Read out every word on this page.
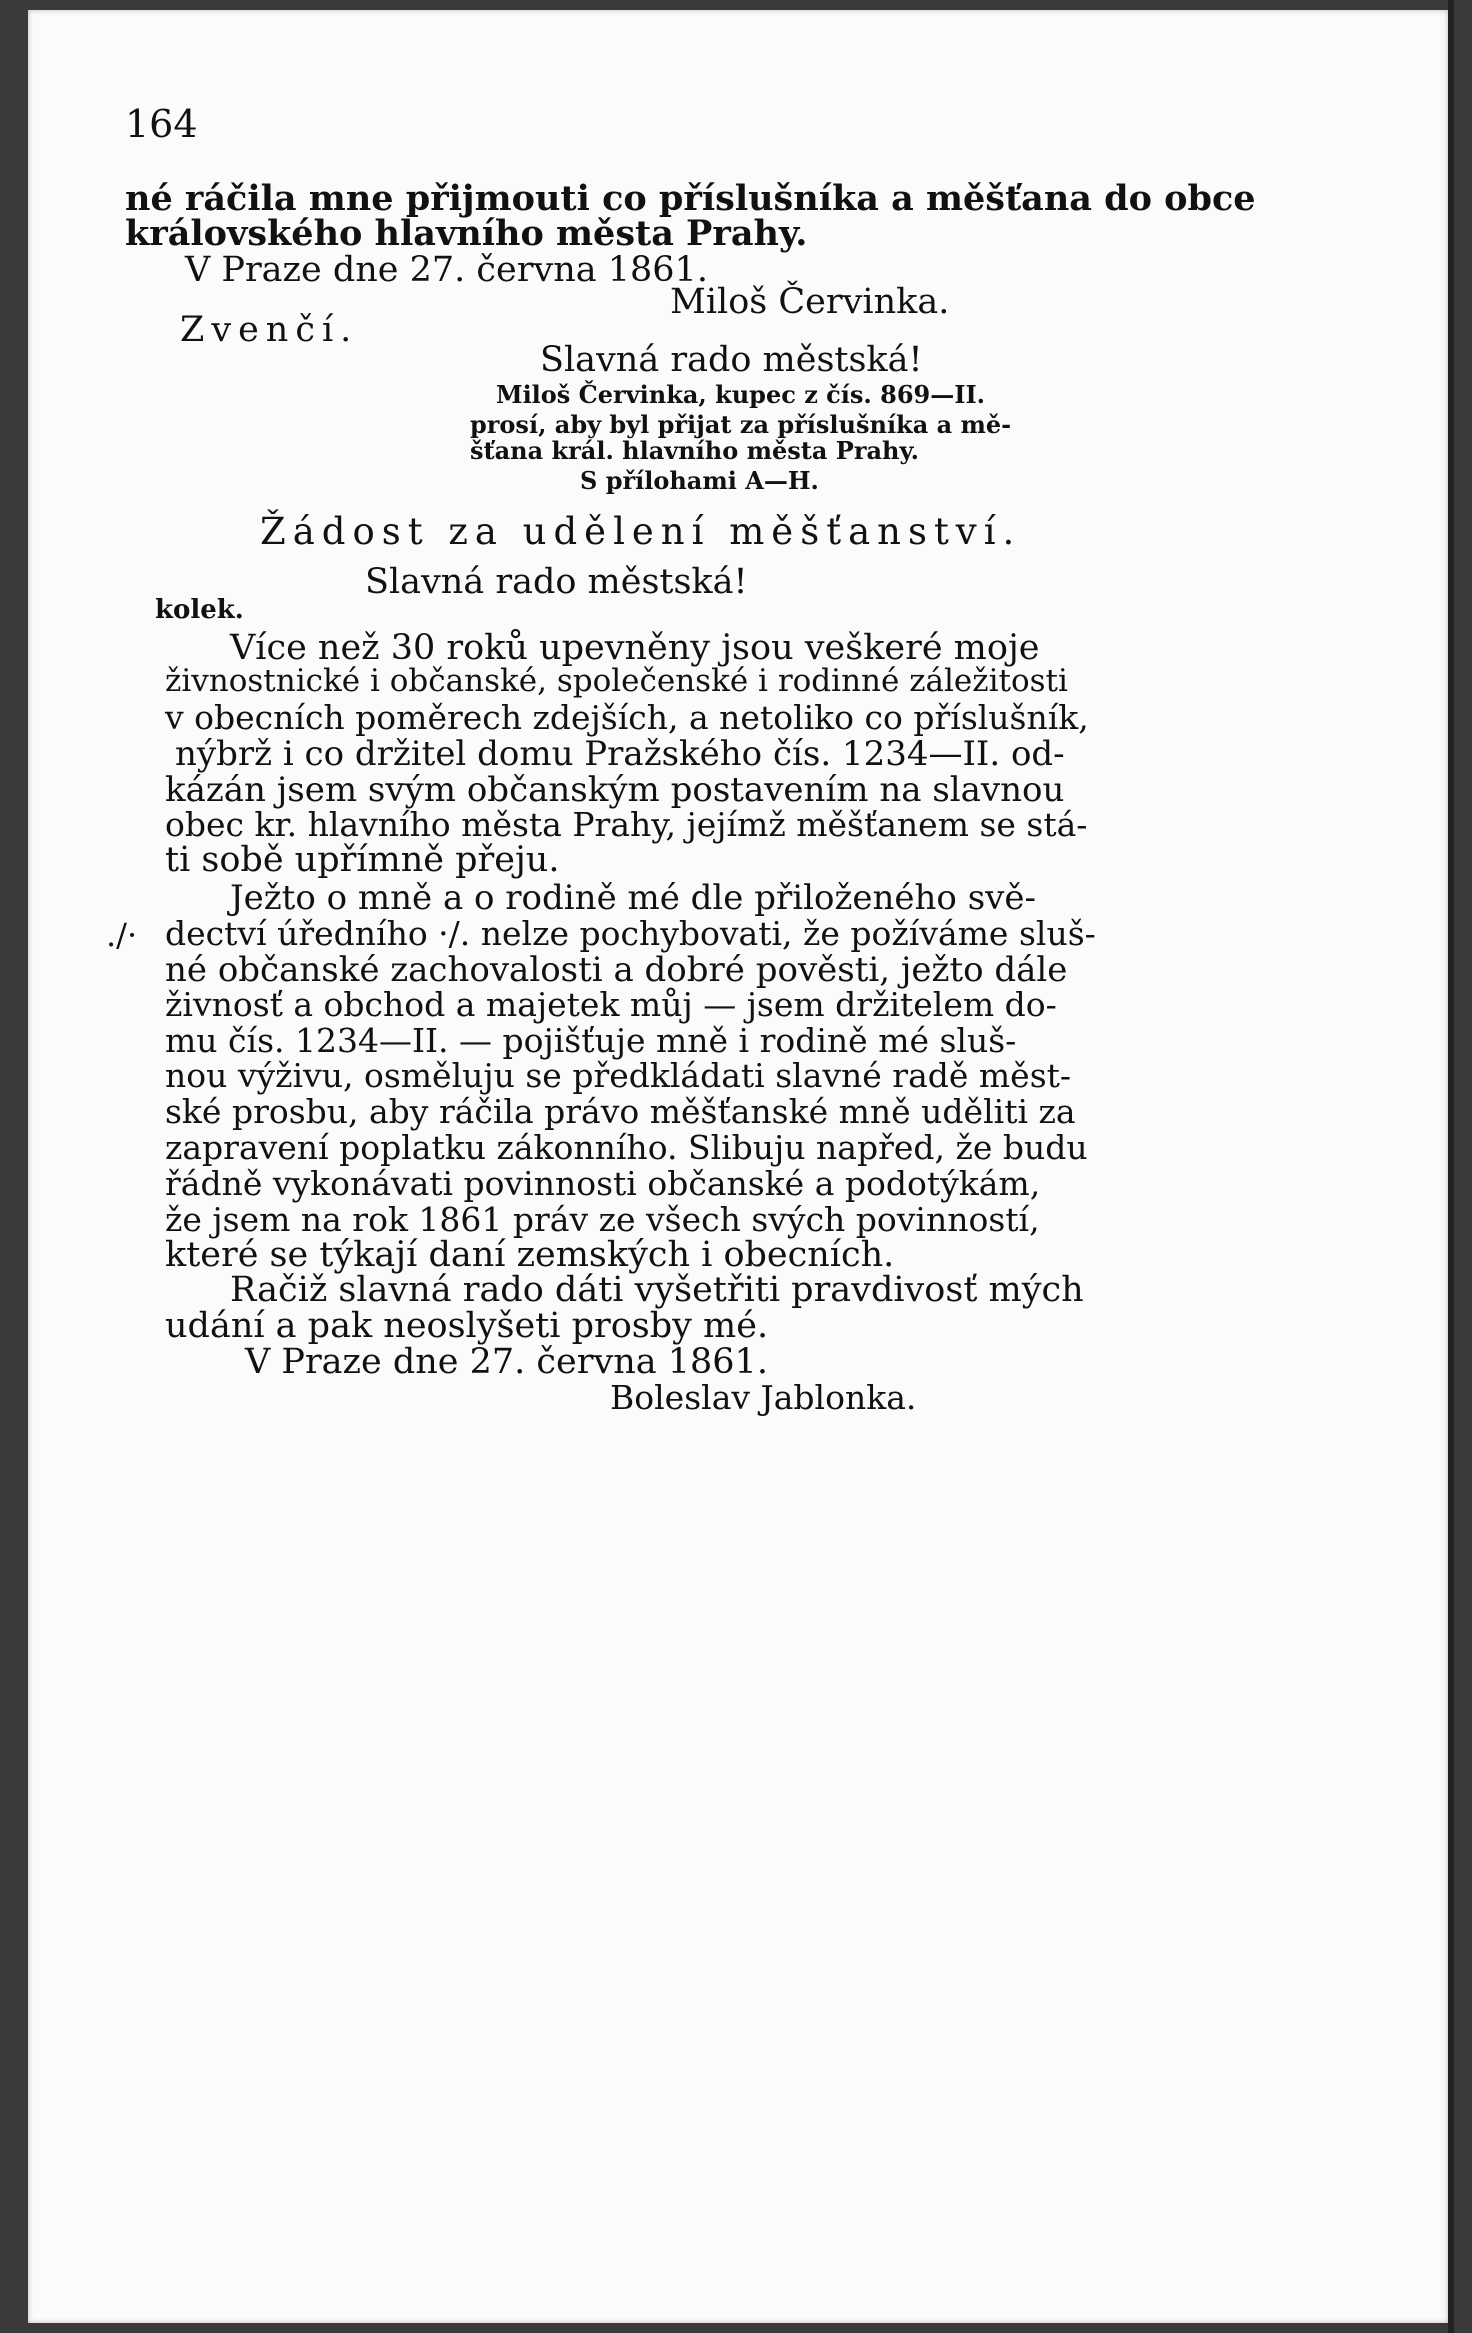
164
né ráčila mne přijmouti co příslušníka a měšťana do obce
královského hlavního města Prahy.
V Praze dne 27. června 1861.
Miloš Červinka.
Zvenčí.
Slavná rado městská!
Miloš Červinka, kupec z čís. 869—II.
prosí, aby byl přijat za příslušníka a mě-
šťana král. hlavního města Prahy.
S přílohami A—H.
Žádost za udělení měšťanství.
Slavná rado městská!
kolek.
./·
Více než 30 roků upevněny jsou veškeré moje
živnostnické i občanské, společenské i rodinné záležitosti
v obecních poměrech zdejších, a netoliko co příslušník,
nýbrž i co držitel domu Pražského čís. 1234—II. od-
kázán jsem svým občanským postavením na slavnou
obec kr. hlavního města Prahy, jejímž měšťanem se stá-
ti sobě upřímně přeju.
Ježto o mně a o rodině mé dle přiloženého svě-
dectví úředního ·/. nelze pochybovati, že požíváme sluš-
né občanské zachovalosti a dobré pověsti, ježto dále
živnosť a obchod a majetek můj — jsem držitelem do-
mu čís. 1234—II. — pojišťuje mně i rodině mé sluš-
nou výživu, osměluju se předkládati slavné radě měst-
ské prosbu, aby ráčila právo měšťanské mně uděliti za
zapravení poplatku zákonního. Slibuju napřed, že budu
řádně vykonávati povinnosti občanské a podotýkám,
že jsem na rok 1861 práv ze všech svých povinností,
které se týkají daní zemských i obecních.
Račiž slavná rado dáti vyšetřiti pravdivosť mých
udání a pak neoslyšeti prosby mé.
V Praze dne 27. června 1861.
Boleslav Jablonka.
